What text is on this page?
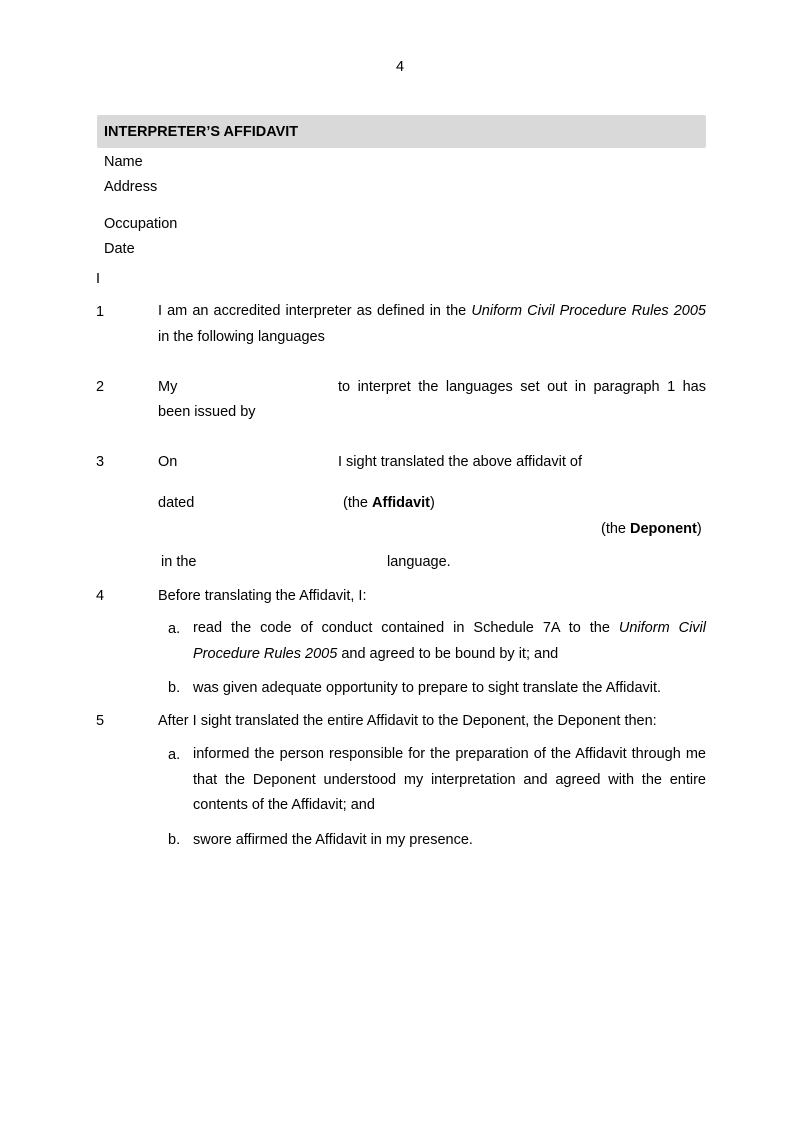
4
INTERPRETER’S AFFIDAVIT
Name
Address
Occupation
Date
I
1	I am an accredited interpreter as defined in the Uniform Civil Procedure Rules 2005 in the following languages
2	My	to interpret the languages set out in paragraph 1 has
been issued by
3	On	I sight translated the above affidavit of
dated	(the Affidavit)
(the Deponent)
in the	language.
4	Before translating the Affidavit, I:
a. read the code of conduct contained in Schedule 7A to the Uniform Civil Procedure Rules 2005 and agreed to be bound by it; and
b. was given adequate opportunity to prepare to sight translate the Affidavit.
5	After I sight translated the entire Affidavit to the Deponent, the Deponent then:
a. informed the person responsible for the preparation of the Affidavit through me that the Deponent understood my interpretation and agreed with the entire contents of the Affidavit; and
b. swore affirmed the Affidavit in my presence.
